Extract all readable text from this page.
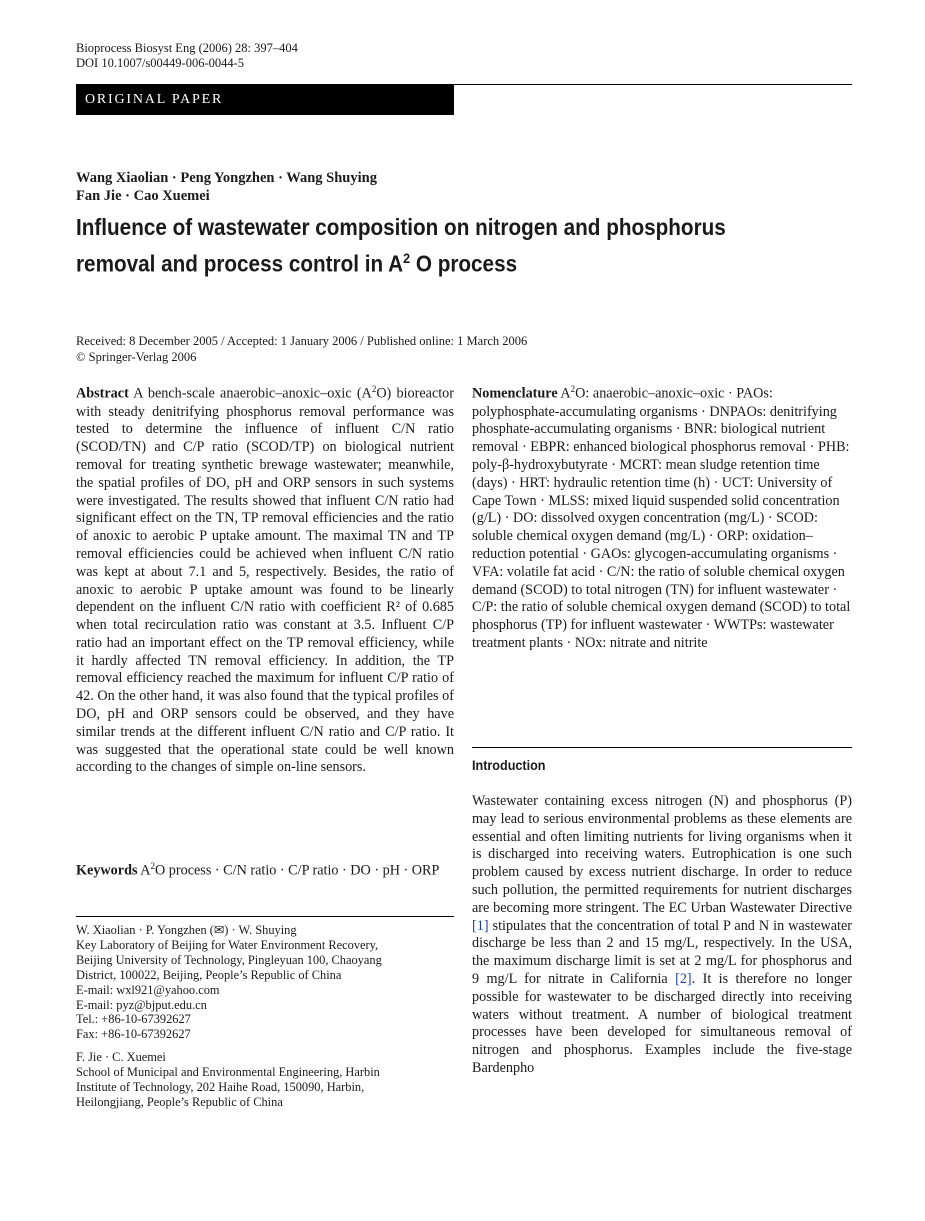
Bioprocess Biosyst Eng (2006) 28: 397–404
DOI 10.1007/s00449-006-0044-5
ORIGINAL PAPER
Wang Xiaolian · Peng Yongzhen · Wang Shuying
Fan Jie · Cao Xuemei
Influence of wastewater composition on nitrogen and phosphorus
removal and process control in $A^2$ O process
Received: 8 December 2005 / Accepted: 1 January 2006 / Published online: 1 March 2006
© Springer-Verlag 2006
Abstract A bench-scale anaerobic–anoxic–oxic $(A^2O)$ bioreactor with steady denitrifying phosphorus removal performance was tested to determine the influence of influent C/N ratio (SCOD/TN) and C/P ratio (SCOD/TP) on biological nutrient removal for treating synthetic brewage wastewater; meanwhile, the spatial profiles of DO, pH and ORP sensors in such systems were investigated. The results showed that influent C/N ratio had significant effect on the TN, TP removal efficiencies and the ratio of anoxic to aerobic P uptake amount. The maximal TN and TP removal efficiencies could be achieved when influent C/N ratio was kept at about 7.1 and 5, respectively. Besides, the ratio of anoxic to aerobic P uptake amount was found to be linearly dependent on the influent C/N ratio with coefficient R² of 0.685 when total recirculation ratio was constant at 3.5. Influent C/P ratio had an important effect on the TP removal efficiency, while it hardly affected TN removal efficiency. In addition, the TP removal efficiency reached the maximum for influent C/P ratio of 42. On the other hand, it was also found that the typical profiles of DO, pH and ORP sensors could be observed, and they have similar trends at the different influent C/N ratio and C/P ratio. It was suggested that the operational state could be well known according to the changes of simple on-line sensors.
Keywords $A^2O$ process · C/N ratio · C/P ratio · DO · pH · ORP
W. Xiaolian · P. Yongzhen (✉) · W. Shuying
Key Laboratory of Beijing for Water Environment Recovery,
Beijing University of Technology, Pingleyuan 100, Chaoyang
District, 100022, Beijing, People’s Republic of China
E-mail: wxl921@yahoo.com
E-mail: pyz@bjput.edu.cn
Tel.: +86-10-67392627
Fax: +86-10-67392627
F. Jie · C. Xuemei
School of Municipal and Environmental Engineering, Harbin
Institute of Technology, 202 Haihe Road, 150090, Harbin,
Heilongjiang, People’s Republic of China
Nomenclature $A^2O$: anaerobic–anoxic–oxic · PAOs: polyphosphate-accumulating organisms · DNPAOs: denitrifying phosphate-accumulating organisms · BNR: biological nutrient removal · EBPR: enhanced biological phosphorus removal · PHB: poly-β-hydroxybutyrate · MCRT: mean sludge retention time (days) · HRT: hydraulic retention time (h) · UCT: University of Cape Town · MLSS: mixed liquid suspended solid concentration (g/L) · DO: dissolved oxygen concentration (mg/L) · SCOD: soluble chemical oxygen demand (mg/L) · ORP: oxidation–reduction potential · GAOs: glycogen-accumulating organisms · VFA: volatile fat acid · C/N: the ratio of soluble chemical oxygen demand (SCOD) to total nitrogen (TN) for influent wastewater · C/P: the ratio of soluble chemical oxygen demand (SCOD) to total phosphorus (TP) for influent wastewater · WWTPs: wastewater treatment plants · NOx: nitrate and nitrite
Introduction
Wastewater containing excess nitrogen (N) and phosphorus (P) may lead to serious environmental problems as these elements are essential and often limiting nutrients for living organisms when it is discharged into receiving waters. Eutrophication is one such problem caused by excess nutrient discharge. In order to reduce such pollution, the permitted requirements for nutrient discharges are becoming more stringent. The EC Urban Wastewater Directive [1] stipulates that the concentration of total P and N in wastewater discharge be less than 2 and 15 mg/L, respectively. In the USA, the maximum discharge limit is set at 2 mg/L for phosphorus and 9 mg/L for nitrate in California [2]. It is therefore no longer possible for wastewater to be discharged directly into receiving waters without treatment. A number of biological treatment processes have been developed for simultaneous removal of nitrogen and phosphorus. Examples include the five-stage Bardenpho
